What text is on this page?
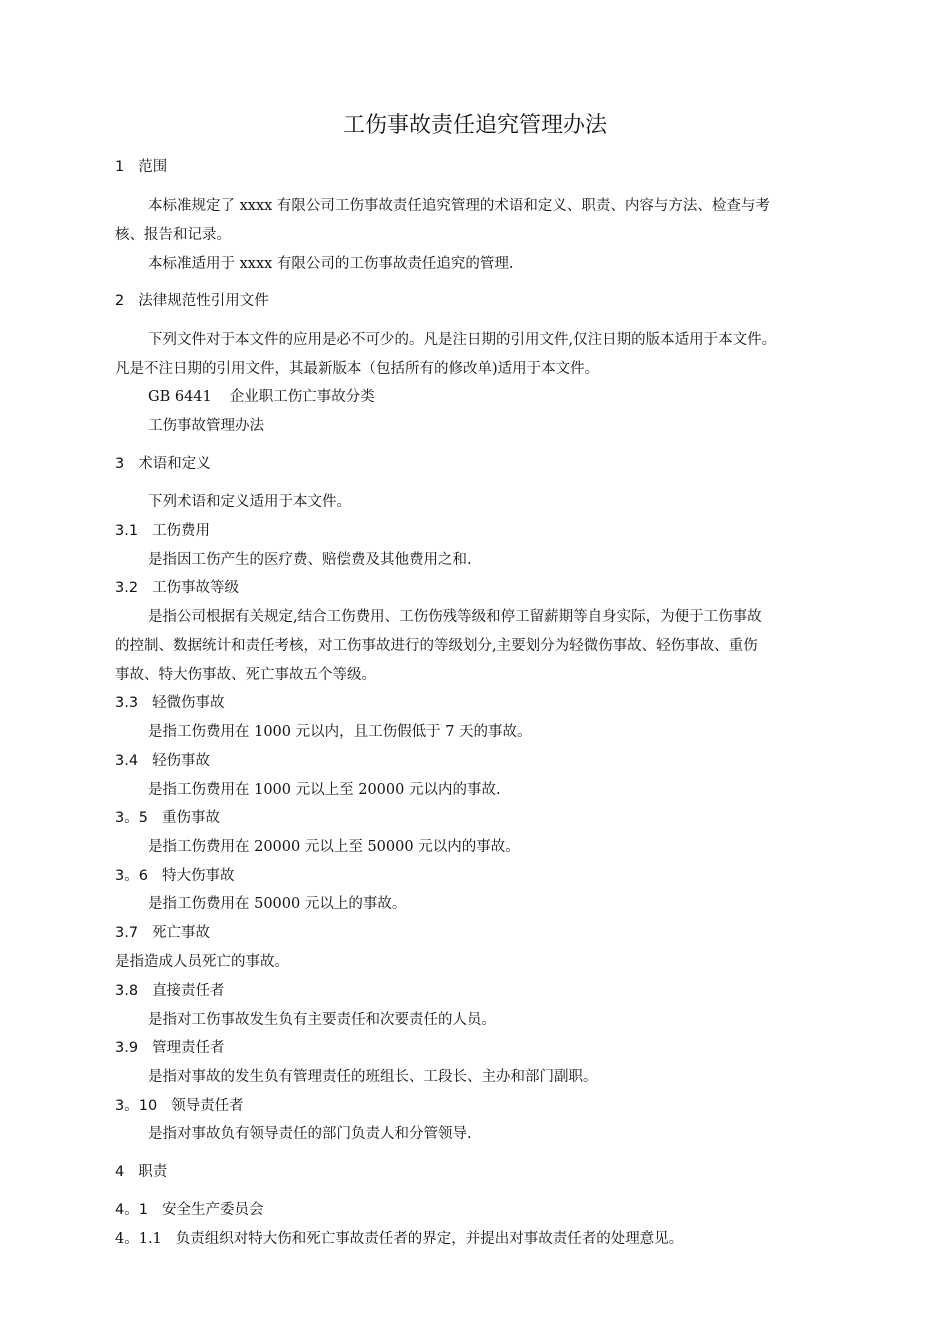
工伤事故责任追究管理办法
1 范围
本标准规定了 xxxx 有限公司工伤事故责任追究管理的术语和定义、职责、内容与方法、检查与考
核、报告和记录。
本标准适用于 xxxx 有限公司的工伤事故责任追究的管理.
2 法律规范性引用文件
下列文件对于本文件的应用是必不可少的。凡是注日期的引用文件,仅注日期的版本适用于本文件。
凡是不注日期的引用文件，其最新版本（包括所有的修改单)适用于本文件。
GB 6441 企业职工伤亡事故分类
工伤事故管理办法
3 术语和定义
下列术语和定义适用于本文件。
3.1 工伤费用
是指因工伤产生的医疗费、赔偿费及其他费用之和.
3.2 工伤事故等级
是指公司根据有关规定,结合工伤费用、工伤伤残等级和停工留薪期等自身实际，为便于工伤事故
的控制、数据统计和责任考核，对工伤事故进行的等级划分,主要划分为轻微伤事故、轻伤事故、重伤
事故、特大伤事故、死亡事故五个等级。
3.3 轻微伤事故
是指工伤费用在 1000 元以内，且工伤假低于 7 天的事故。
3.4 轻伤事故
是指工伤费用在 1000 元以上至 20000 元以内的事故.
3。5 重伤事故
是指工伤费用在 20000 元以上至 50000 元以内的事故。
3。6 特大伤事故
是指工伤费用在 50000 元以上的事故。
3.7 死亡事故
是指造成人员死亡的事故。
3.8 直接责任者
是指对工伤事故发生负有主要责任和次要责任的人员。
3.9 管理责任者
是指对事故的发生负有管理责任的班组长、工段长、主办和部门副职。
3。10 领导责任者
是指对事故负有领导责任的部门负责人和分管领导.
4 职责
4。1 安全生产委员会
4。1.1 负责组织对特大伤和死亡事故责任者的界定，并提出对事故责任者的处理意见。
